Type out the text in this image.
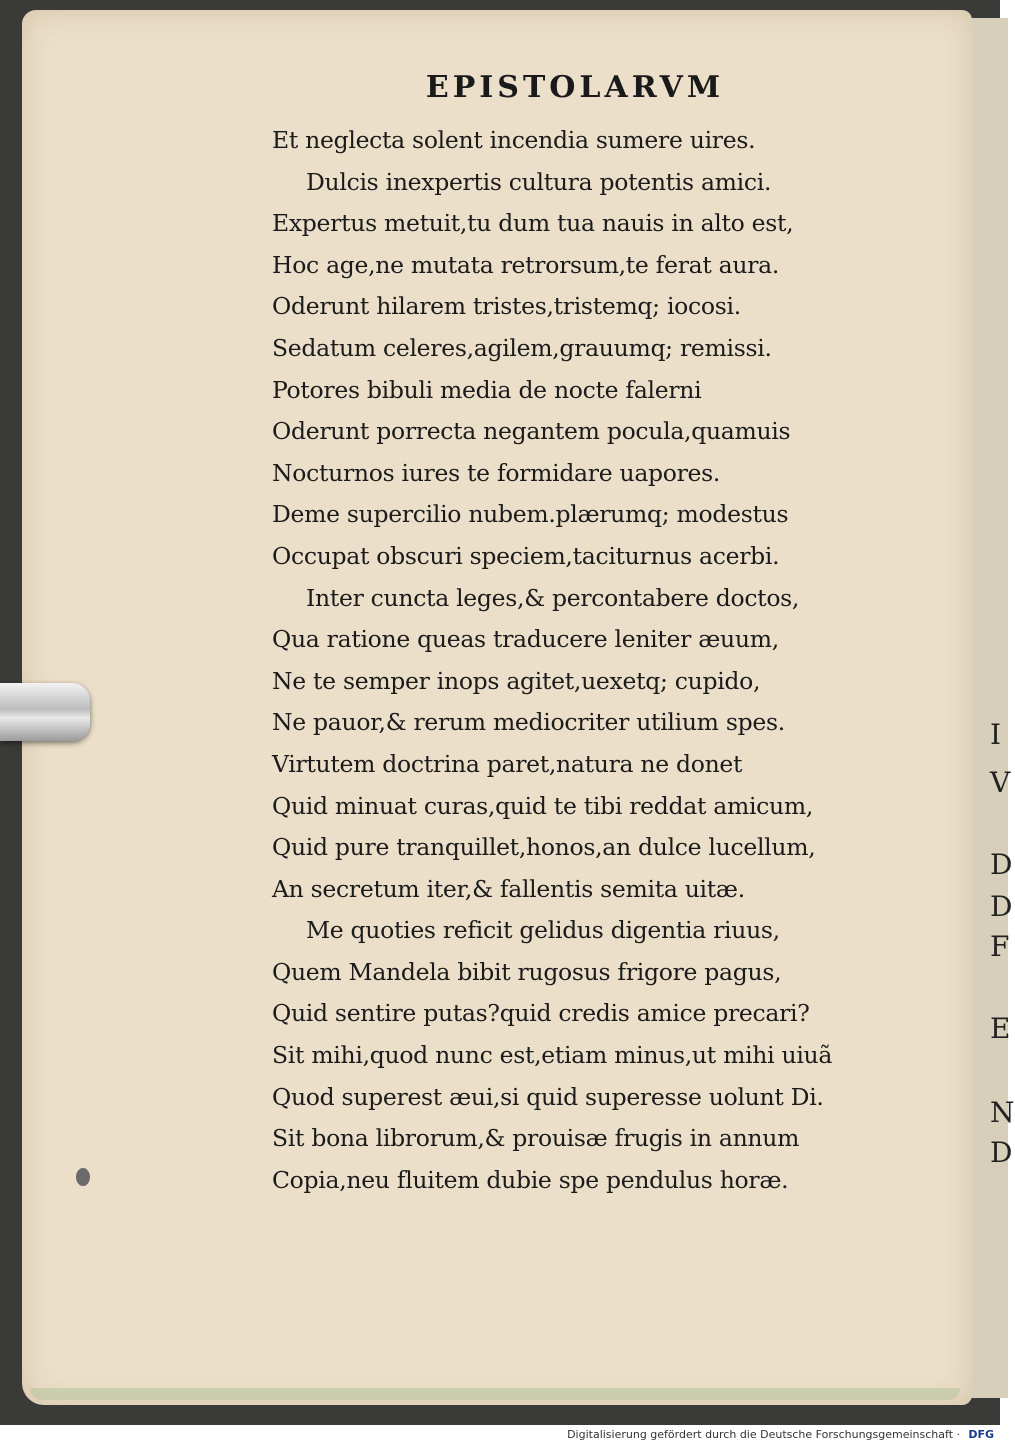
I
V
D
D
F
E
N
D
EPISTOLARVM
Et neglecta solent incendia sumere uires.
Dulcis inexpertis cultura potentis amici.
Expertus metuit,tu dum tua nauis in alto est,
Hoc age,ne mutata retrorsum,te ferat aura.
Oderunt hilarem tristes,tristemq; iocosi.
Sedatum celeres,agilem,grauumq; remissi.
Potores bibuli media de nocte falerni
Oderunt porrecta negantem pocula,quamuis
Nocturnos iures te formidare uapores.
Deme supercilio nubem.plærumq; modestus
Occupat obscuri speciem,taciturnus acerbi.
Inter cuncta leges,& percontabere doctos,
Qua ratione queas traducere leniter æuum,
Ne te semper inops agitet,uexetq; cupido,
Ne pauor,& rerum mediocriter utilium spes.
Virtutem doctrina paret,natura ne donet
Quid minuat curas,quid te tibi reddat amicum,
Quid pure tranquillet,honos,an dulce lucellum,
An secretum iter,& fallentis semita uitæ.
Me quoties reficit gelidus digentia riuus,
Quem Mandela bibit rugosus frigore pagus,
Quid sentire putas?quid credis amice precari?
Sit mihi,quod nunc est,etiam minus,ut mihi uiuã
Quod superest æui,si quid superesse uolunt Di.
Sit bona librorum,& prouisæ frugis in annum
Copia,neu fluitem dubie spe pendulus horæ.
Digitalisierung gefördert durch die Deutsche Forschungsgemeinschaft · DFG
